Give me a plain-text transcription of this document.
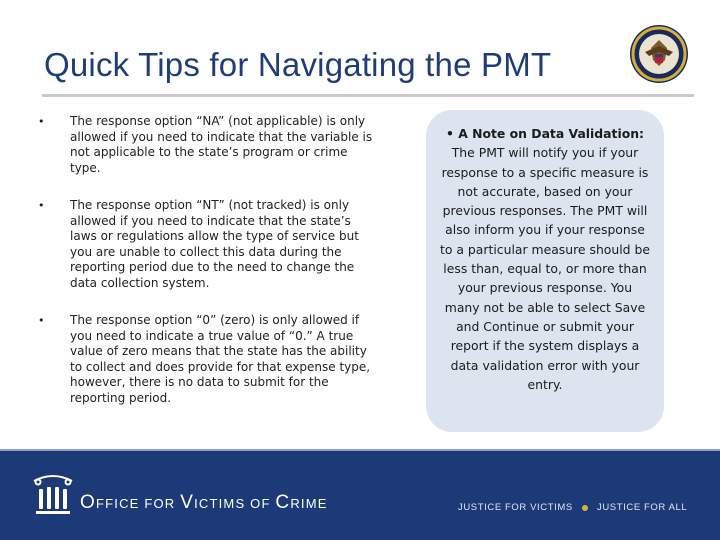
Quick Tips for Navigating the PMT
• The response option “NA” (not applicable) is only allowed if you need to indicate that the variable is not applicable to the state’s program or crime type.
• The response option “NT” (not tracked) is only allowed if you need to indicate that the state’s laws or regulations allow the type of service but you are unable to collect this data during the reporting period due to the need to change the data collection system.
• The response option “0” (zero) is only allowed if you need to indicate a true value of “0.” A true value of zero means that the state has the ability to collect and does provide for that expense type, however, there is no data to submit for the reporting period.
• A Note on Data Validation:
The PMT will notify you if your response to a specific measure is not accurate, based on your previous responses. The PMT will also inform you if your response to a particular measure should be less than, equal to, or more than your previous response. You many not be able to select Save and Continue or submit your report if the system displays a data validation error with your entry.
OFFICE FOR VICTIMS OF CRIME	JUSTICE FOR VICTIMS	JUSTICE FOR ALL
